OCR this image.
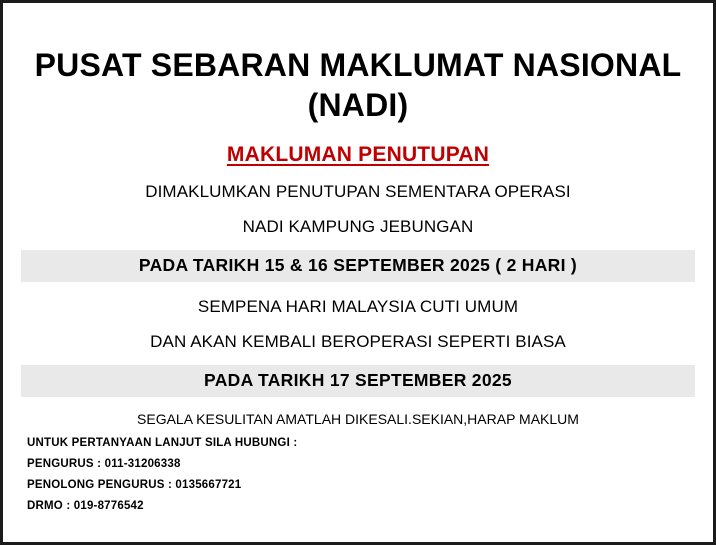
PUSAT SEBARAN MAKLUMAT NASIONAL (NADI)
MAKLUMAN PENUTUPAN
DIMAKLUMKAN PENUTUPAN SEMENTARA OPERASI
NADI KAMPUNG JEBUNGAN
PADA TARIKH 15 & 16 SEPTEMBER 2025 ( 2 HARI )
SEMPENA HARI MALAYSIA CUTI UMUM
DAN AKAN KEMBALI BEROPERASI SEPERTI BIASA
PADA TARIKH 17 SEPTEMBER 2025
SEGALA KESULITAN AMATLAH DIKESALI.SEKIAN,HARAP MAKLUM
UNTUK PERTANYAAN LANJUT SILA HUBUNGI :
PENGURUS : 011-31206338
PENOLONG PENGURUS : 0135667721
DRMO : 019-8776542
